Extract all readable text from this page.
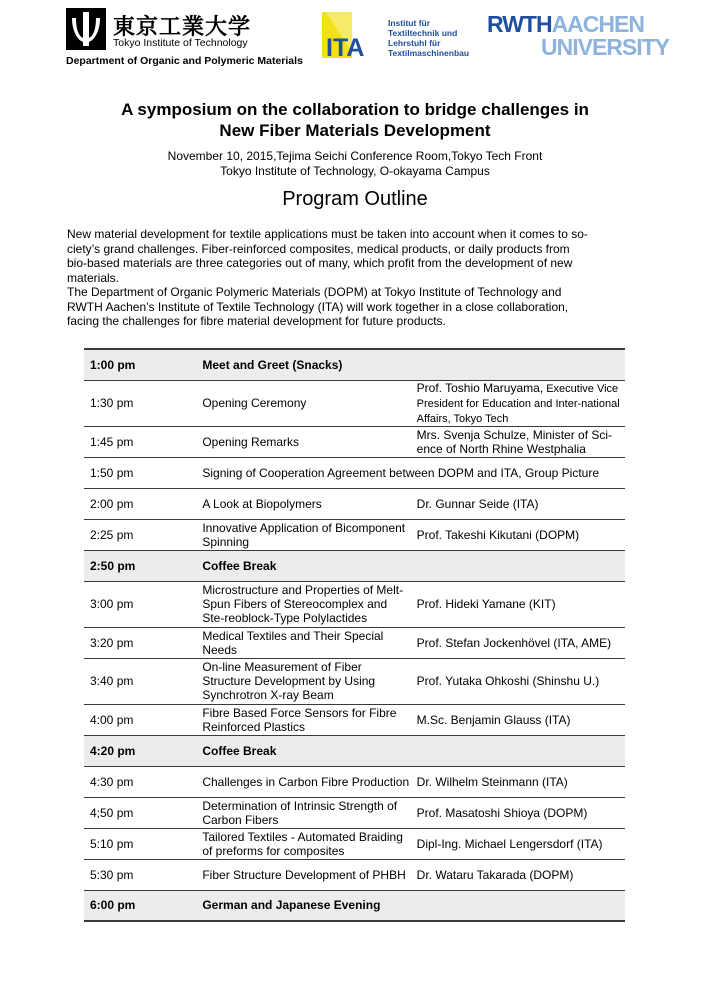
東京工業大学
Tokyo Institute of Technology
Department of Organic and Polymeric Materials ITA
Institut für
Textiltechnik und
Lehrstuhl für
Textilmaschinenbau
RWTHAACHEN
UNIVERSITY
A symposium on the collaboration to bridge challenges in
New Fiber Materials Development
November 10, 2015,Tejima Seichi Conference Room,Tokyo Tech Front
Tokyo Institute of Technology, O-okayama Campus
Program Outline
New material development for textile applications must be taken into account when it comes to so-
ciety’s grand challenges. Fiber-reinforced composites, medical products, or daily products from
bio-based materials are three categories out of many, which profit from the development of new
materials.
The Department of Organic Polymeric Materials (DOPM) at Tokyo Institute of Technology and
RWTH Aachen’s Institute of Textile Technology (ITA) will work together in a close collaboration,
facing the challenges for fibre material development for future products.
1:00 pm	Meet and Greet (Snacks)	
1:30 pm	Opening Ceremony	Prof. Toshio Maruyama, Executive Vice President for Education and Inter-national Affairs, Tokyo Tech
1:45 pm	Opening Remarks	Mrs. Svenja Schulze, Minister of Sci-ence of North Rhine Westphalia
1:50 pm	Signing of Cooperation Agreement between DOPM and ITA, Group Picture	
2:00 pm	A Look at Biopolymers	Dr. Gunnar Seide (ITA)
2:25 pm	Innovative Application of Bicomponent Spinning	Prof. Takeshi Kikutani (DOPM)
2:50 pm	Coffee Break	
3:00 pm	Microstructure and Properties of Melt-Spun Fibers of Stereocomplex and Ste-reoblock-Type Polylactides	Prof. Hideki Yamane (KIT)
3:20 pm	Medical Textiles and Their Special Needs	Prof. Stefan Jockenhövel (ITA, AME)
3:40 pm	On-line Measurement of Fiber Structure Development by Using Synchrotron X-ray Beam	Prof. Yutaka Ohkoshi (Shinshu U.)
4:00 pm	Fibre Based Force Sensors for Fibre Reinforced Plastics	M.Sc. Benjamin Glauss (ITA)
4:20 pm	Coffee Break	
4:30 pm	Challenges in Carbon Fibre Production	Dr. Wilhelm Steinmann (ITA)
4;50 pm	Determination of Intrinsic Strength of Carbon Fibers	Prof. Masatoshi Shioya (DOPM)
5:10 pm	Tailored Textiles - Automated Braiding of preforms for composites	Dipl-Ing. Michael Lengersdorf (ITA)
5:30 pm	Fiber Structure Development of PHBH	Dr. Wataru Takarada (DOPM)
6:00 pm	German and Japanese Evening	
